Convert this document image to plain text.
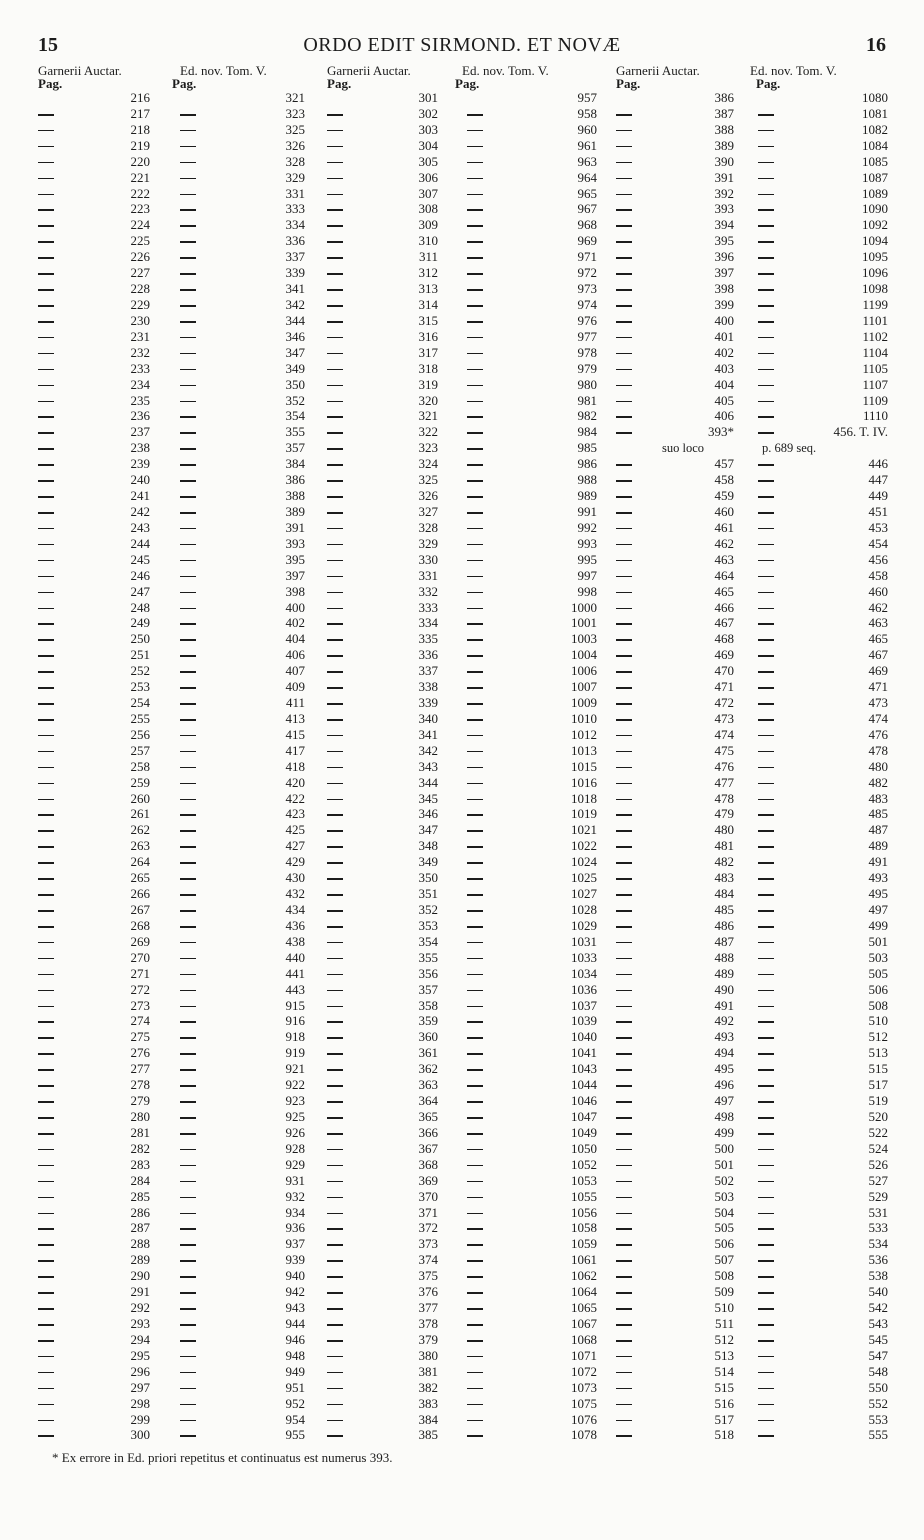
15	ORDO EDIT SIRMOND. ET NOVÆ	16
Garnerii Auctar.	Ed. nov. Tom. V.
Pag.	Pag.
216	321
217	323
218	325
219	326
220	328
221	329
222	331
223	333
224	334
225	336
226	337
227	339
228	341
229	342
230	344
231	346
232	347
233	349
234	350
235	352
236	354
237	355
238	357
239	384
240	386
241	388
242	389
243	391
244	393
245	395
246	397
247	398
248	400
249	402
250	404
251	406
252	407
253	409
254	411
255	413
256	415
257	417
258	418
259	420
260	422
261	423
262	425
263	427
264	429
265	430
266	432
267	434
268	436
269	438
270	440
271	441
272	443
273	915
274	916
275	918
276	919
277	921
278	922
279	923
280	925
281	926
282	928
283	929
284	931
285	932
286	934
287	936
288	937
289	939
290	940
291	942
292	943
293	944
294	946
295	948
296	949
297	951
298	952
299	954
300	955
Garnerii Auctar.	Ed. nov. Tom. V.
Pag.	Pag.
301	957
302	958
303	960
304	961
305	963
306	964
307	965
308	967
309	968
310	969
311	971
312	972
313	973
314	974
315	976
316	977
317	978
318	979
319	980
320	981
321	982
322	984
323	985
324	986
325	988
326	989
327	991
328	992
329	993
330	995
331	997
332	998
333	1000
334	1001
335	1003
336	1004
337	1006
338	1007
339	1009
340	1010
341	1012
342	1013
343	1015
344	1016
345	1018
346	1019
347	1021
348	1022
349	1024
350	1025
351	1027
352	1028
353	1029
354	1031
355	1033
356	1034
357	1036
358	1037
359	1039
360	1040
361	1041
362	1043
363	1044
364	1046
365	1047
366	1049
367	1050
368	1052
369	1053
370	1055
371	1056
372	1058
373	1059
374	1061
375	1062
376	1064
377	1065
378	1067
379	1068
380	1071
381	1072
382	1073
383	1075
384	1076
385	1078
Garnerii Auctar.	Ed. nov. Tom. V.
Pag.	Pag.
386	1080
387	1081
388	1082
389	1084
390	1085
391	1087
392	1089
393	1090
394	1092
395	1094
396	1095
397	1096
398	1098
399	1199
400	1101
401	1102
402	1104
403	1105
404	1107
405	1109
406	1110
393*	456. T. IV.
suo loco	p. 689 seq.
457	446
458	447
459	449
460	451
461	453
462	454
463	456
464	458
465	460
466	462
467	463
468	465
469	467
470	469
471	471
472	473
473	474
474	476
475	478
476	480
477	482
478	483
479	485
480	487
481	489
482	491
483	493
484	495
485	497
486	499
487	501
488	503
489	505
490	506
491	508
492	510
493	512
494	513
495	515
496	517
497	519
498	520
499	522
500	524
501	526
502	527
503	529
504	531
505	533
506	534
507	536
508	538
509	540
510	542
511	543
512	545
513	547
514	548
515	550
516	552
517	553
518	555
* Ex errore in Ed. priori repetitus et continuatus est numerus 393.
